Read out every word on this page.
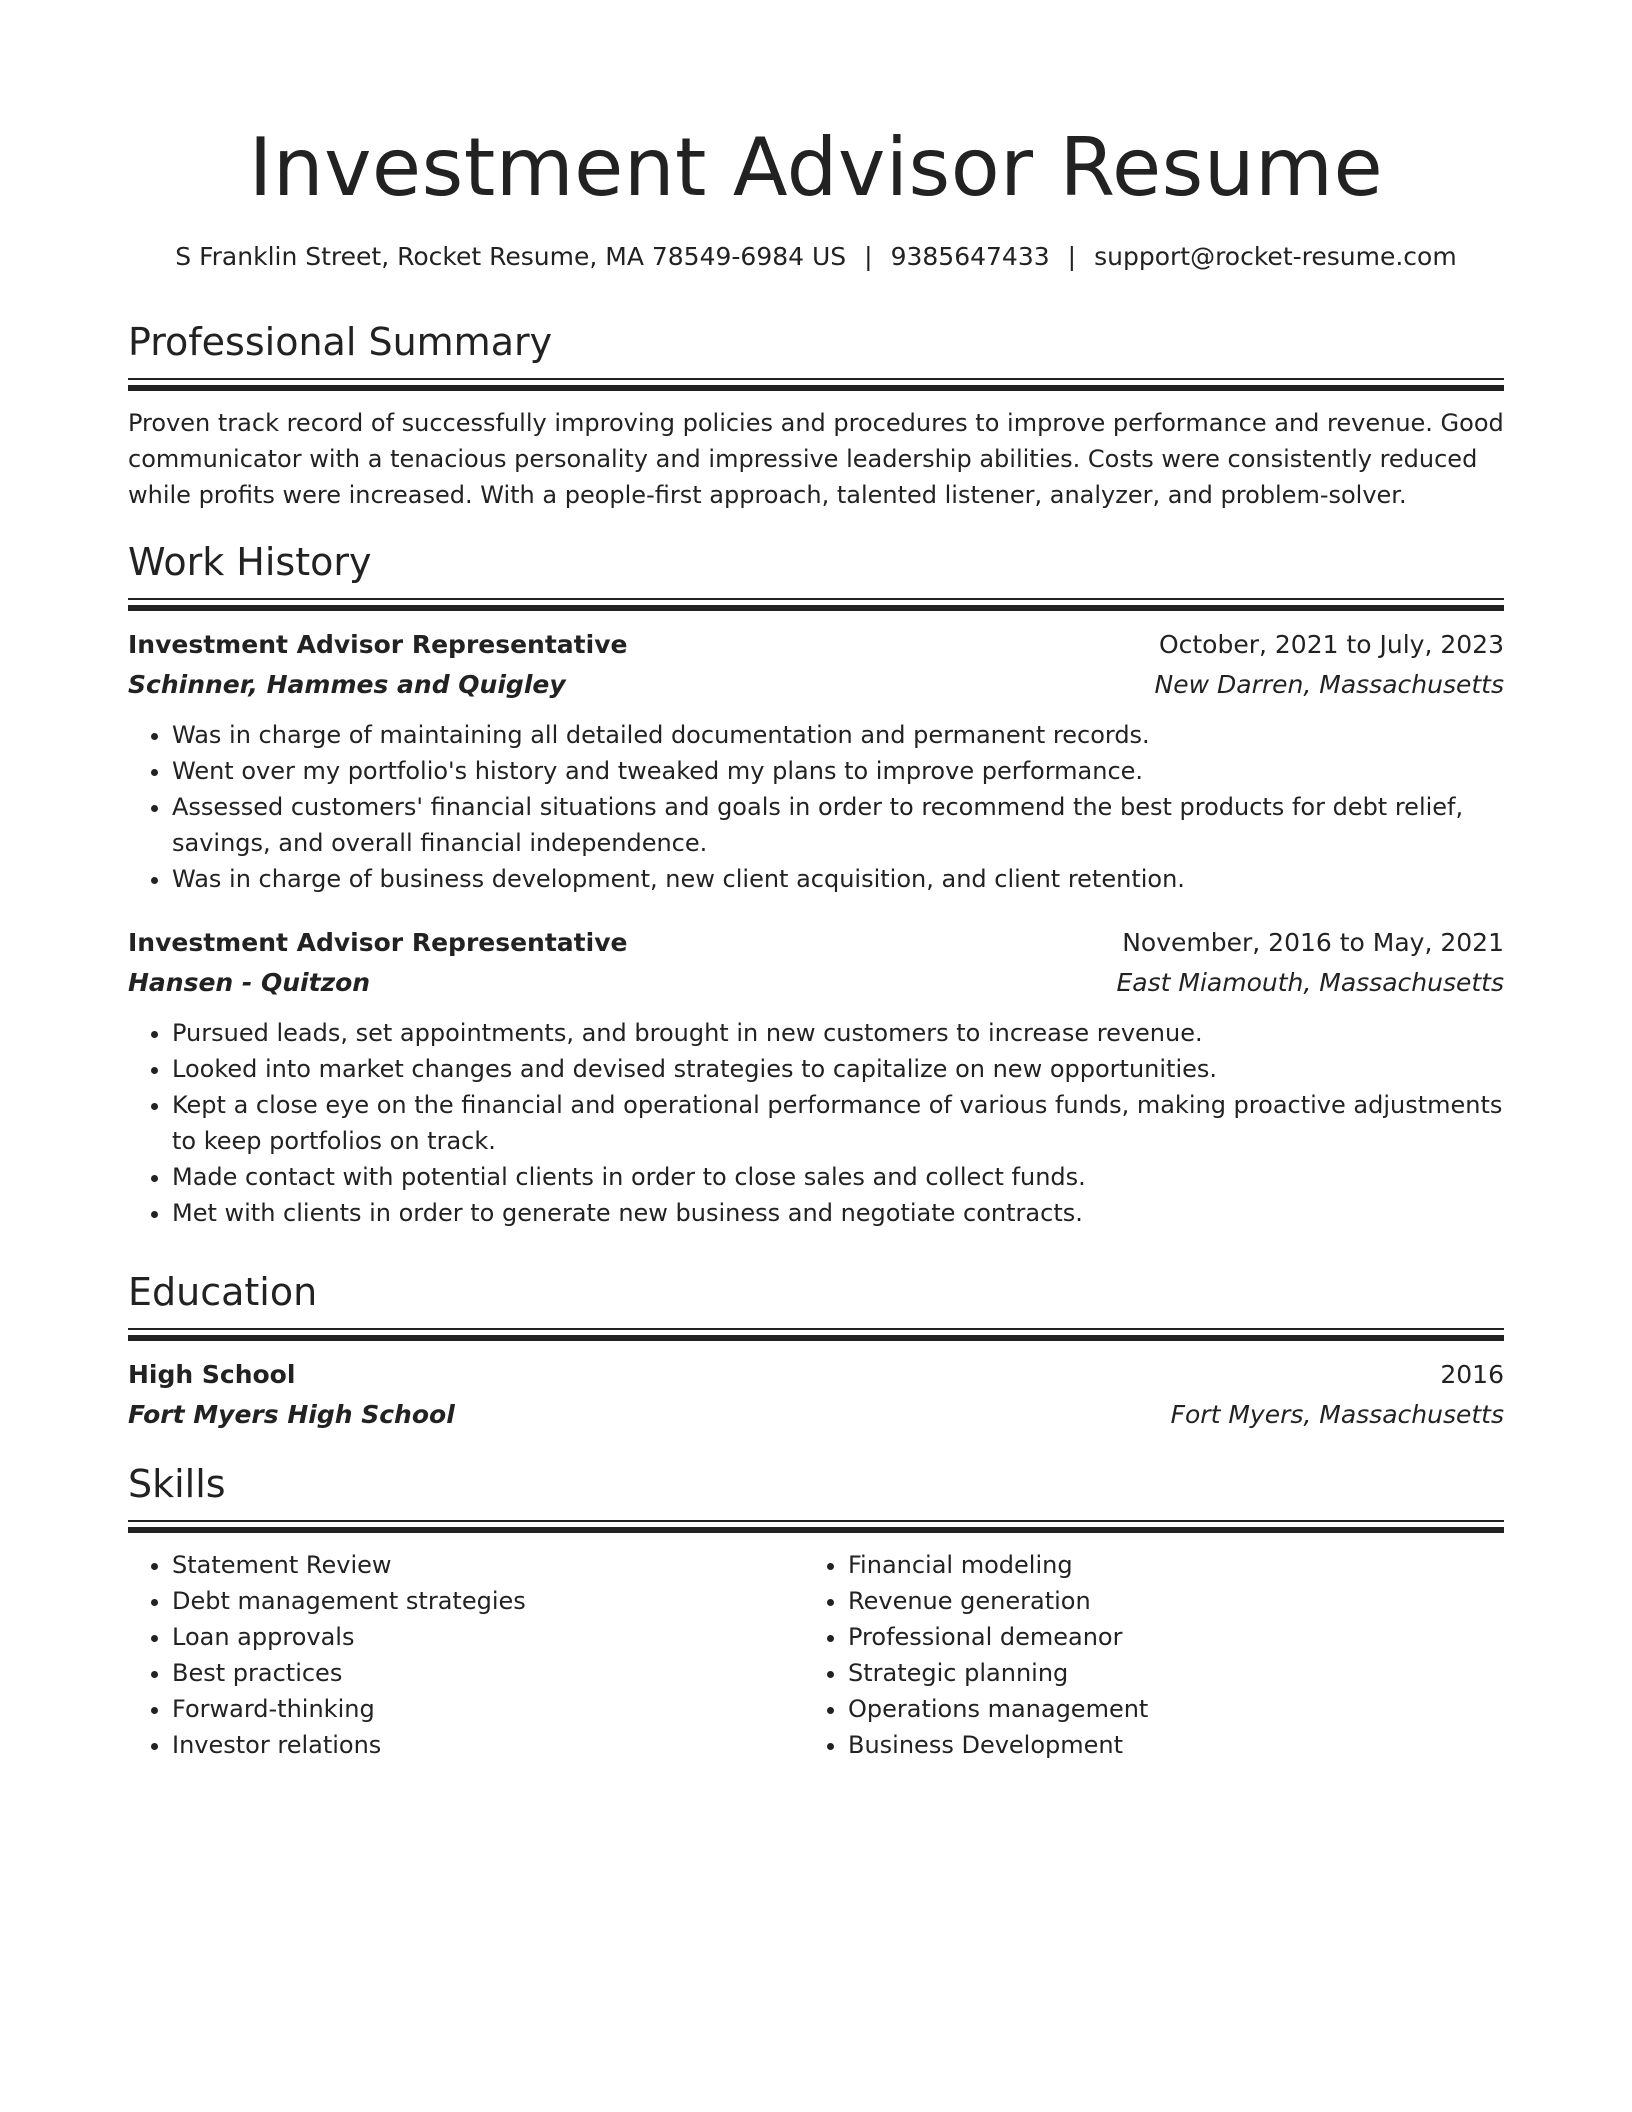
Investment Advisor Resume
S Franklin Street, Rocket Resume, MA 78549-6984 US | 9385647433 | support@rocket-resume.com
Professional Summary
Proven track record of successfully improving policies and procedures to improve performance and revenue. Good communicator with a tenacious personality and impressive leadership abilities. Costs were consistently reduced while profits were increased. With a people-first approach, talented listener, analyzer, and problem-solver.
Work History
Investment Advisor Representative	October, 2021 to July, 2023
Schinner, Hammes and Quigley	New Darren, Massachusetts
• Was in charge of maintaining all detailed documentation and permanent records.
• Went over my portfolio's history and tweaked my plans to improve performance.
• Assessed customers' financial situations and goals in order to recommend the best products for debt relief, savings, and overall financial independence.
• Was in charge of business development, new client acquisition, and client retention.
Investment Advisor Representative	November, 2016 to May, 2021
Hansen - Quitzon	East Miamouth, Massachusetts
• Pursued leads, set appointments, and brought in new customers to increase revenue.
• Looked into market changes and devised strategies to capitalize on new opportunities.
• Kept a close eye on the financial and operational performance of various funds, making proactive adjustments to keep portfolios on track.
• Made contact with potential clients in order to close sales and collect funds.
• Met with clients in order to generate new business and negotiate contracts.
Education
High School	2016
Fort Myers High School	Fort Myers, Massachusetts
Skills
• Statement Review
• Debt management strategies
• Loan approvals
• Best practices
• Forward-thinking
• Investor relations
• Financial modeling
• Revenue generation
• Professional demeanor
• Strategic planning
• Operations management
• Business Development
